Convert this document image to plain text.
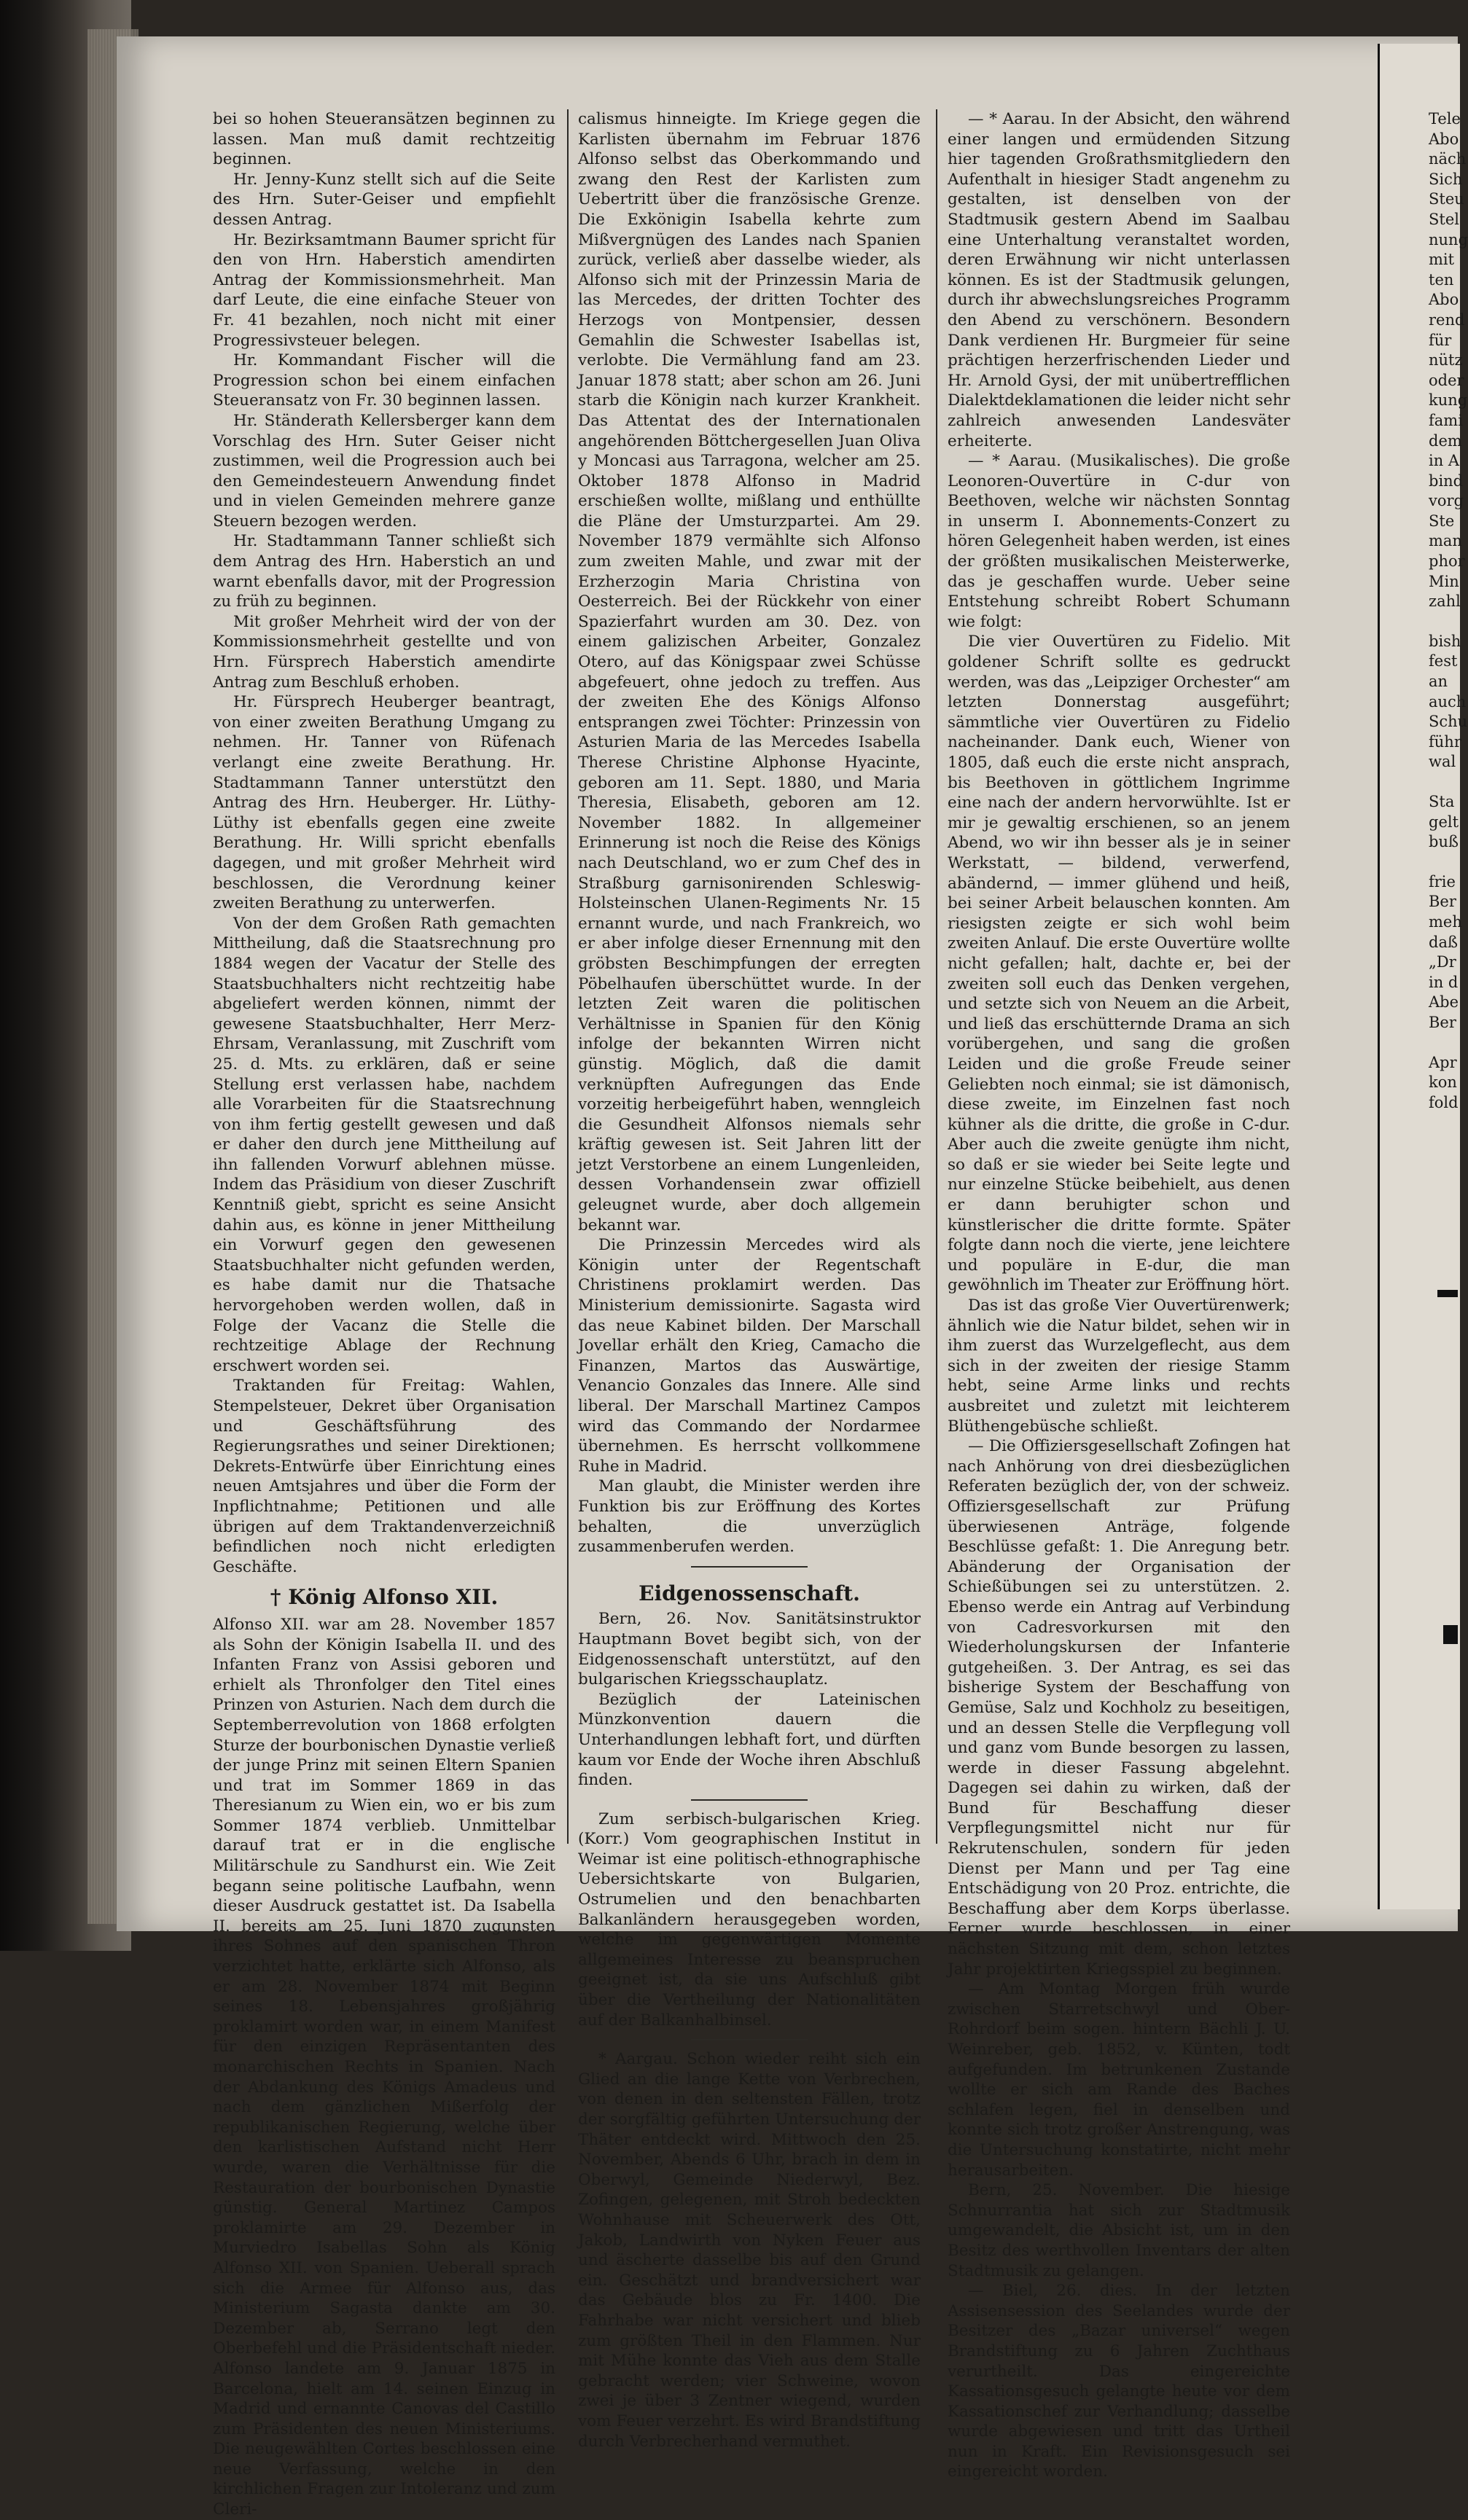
bei so hohen Steueransätzen beginnen zu lassen. Man muß damit rechtzeitig beginnen.

Hr. Jenny-Kunz stellt sich auf die Seite des Hrn. Suter-Geiser und empfiehlt dessen Antrag.

Hr. Bezirksamtmann Baumer spricht für den von Hrn. Haberstich amendirten Antrag der Kommissionsmehrheit. Man darf Leute, die eine einfache Steuer von Fr. 41 bezahlen, noch nicht mit einer Progressivsteuer belegen.

Hr. Kommandant Fischer will die Progression schon bei einem einfachen Steueransatz von Fr. 30 beginnen lassen.

Hr. Ständerath Kellersberger kann dem Vorschlag des Hrn. Suter Geiser nicht zustimmen, weil die Progression auch bei den Gemeindesteuern Anwendung findet und in vielen Gemeinden mehrere ganze Steuern bezogen werden.

Hr. Stadtammann Tanner schließt sich dem Antrag des Hrn. Haberstich an und warnt ebenfalls davor, mit der Progression zu früh zu beginnen.

Mit großer Mehrheit wird der von der Kommissionsmehrheit gestellte und von Hrn. Fürsprech Haberstich amendirte Antrag zum Beschluß erhoben.

Hr. Fürsprech Heuberger beantragt, von einer zweiten Berathung Umgang zu nehmen. Hr. Tanner von Rüfenach verlangt eine zweite Berathung. Hr. Stadtammann Tanner unterstützt den Antrag des Hrn. Heuberger. Hr. Lüthy-Lüthy ist ebenfalls gegen eine zweite Berathung. Hr. Willi spricht ebenfalls dagegen, und mit großer Mehrheit wird beschlossen, die Verordnung keiner zweiten Berathung zu unterwerfen.

Von der dem Großen Rath gemachten Mittheilung, daß die Staatsrechnung pro 1884 wegen der Vacatur der Stelle des Staatsbuchhalters nicht rechtzeitig habe abgeliefert werden können, nimmt der gewesene Staatsbuchhalter, Herr Merz-Ehrsam, Veranlassung, mit Zuschrift vom 25. d. Mts. zu erklären, daß er seine Stellung erst verlassen habe, nachdem alle Vorarbeiten für die Staatsrechnung von ihm fertig gestellt gewesen und daß er daher den durch jene Mittheilung auf ihn fallenden Vorwurf ablehnen müsse. Indem das Präsidium von dieser Zuschrift Kenntniß giebt, spricht es seine Ansicht dahin aus, es könne in jener Mittheilung ein Vorwurf gegen den gewesenen Staatsbuchhalter nicht gefunden werden, es habe damit nur die Thatsache hervorgehoben werden wollen, daß in Folge der Vacanz die Stelle die rechtzeitige Ablage der Rechnung erschwert worden sei.

Traktanden für Freitag: Wahlen, Stempelsteuer, Dekret über Organisation und Geschäftsführung des Regierungsrathes und seiner Direktionen; Dekrets-Entwürfe über Einrichtung eines neuen Amtsjahres und über die Form der Inpflichtnahme; Petitionen und alle übrigen auf dem Traktandenverzeichniß befindlichen noch nicht erledigten Geschäfte.

† König Alfonso XII.

Alfonso XII. war am 28. November 1857 als Sohn der Königin Isabella II. und des Infanten Franz von Assisi geboren und erhielt als Thronfolger den Titel eines Prinzen von Asturien. Nach dem durch die Septemberrevolution von 1868 erfolgten Sturze der bourbonischen Dynastie verließ der junge Prinz mit seinen Eltern Spanien und trat im Sommer 1869 in das Theresianum zu Wien ein, wo er bis zum Sommer 1874 verblieb. Unmittelbar darauf trat er in die englische Militärschule zu Sandhurst ein. Wie Zeit begann seine politische Laufbahn, wenn dieser Ausdruck gestattet ist. Da Isabella II. bereits am 25. Juni 1870 zugunsten ihres Sohnes auf den spanischen Thron verzichtet hatte, erklärte sich Alfonso, als er am 28. November 1874 mit Beginn seines 18. Lebensjahres großjährig proklamirt worden war, in einem Manifest für den einzigen Repräsentanten des monarchischen Rechts in Spanien. Nach der Abdankung des Königs Amadeus und nach dem gänzlichen Mißerfolg der republikanischen Regierung, welche über den karlistischen Aufstand nicht Herr wurde, waren die Verhältnisse für die Restauration der bourbonischen Dynastie günstig. General Martinez Campos proklamirte am 29. Dezember in Murviedro Isabellas Sohn als König Alfonso XII. von Spanien. Ueberall sprach sich die Armee für Alfonso aus, das Ministerium Sagasta dankte am 30. Dezember ab, Serrano legt den Oberbefehl und die Präsidentschaft nieder. Alfonso landete am 9. Januar 1875 in Barcelona, hielt am 14. seinen Einzug in Madrid und ernannte Canovas del Castillo zum Präsidenten des neuen Ministeriums. Die neugewählten Cortes beschlossen eine neue Verfassung, welche in den kirchlichen Fragen zur Intoleranz und zum Cleri-

calismus hinneigte. Im Kriege gegen die Karlisten übernahm im Februar 1876 Alfonso selbst das Oberkommando und zwang den Rest der Karlisten zum Uebertritt über die französische Grenze. Die Exkönigin Isabella kehrte zum Mißvergnügen des Landes nach Spanien zurück, verließ aber dasselbe wieder, als Alfonso sich mit der Prinzessin Maria de las Mercedes, der dritten Tochter des Herzogs von Montpensier, dessen Gemahlin die Schwester Isabellas ist, verlobte. Die Vermählung fand am 23. Januar 1878 statt; aber schon am 26. Juni starb die Königin nach kurzer Krankheit. Das Attentat des der Internationalen angehörenden Böttchergesellen Juan Oliva y Moncasi aus Tarragona, welcher am 25. Oktober 1878 Alfonso in Madrid erschießen wollte, mißlang und enthüllte die Pläne der Umsturzpartei. Am 29. November 1879 vermählte sich Alfonso zum zweiten Mahle, und zwar mit der Erzherzogin Maria Christina von Oesterreich. Bei der Rückkehr von einer Spazierfahrt wurden am 30. Dez. von einem galizischen Arbeiter, Gonzalez Otero, auf das Königspaar zwei Schüsse abgefeuert, ohne jedoch zu treffen. Aus der zweiten Ehe des Königs Alfonso entsprangen zwei Töchter: Prinzessin von Asturien Maria de las Mercedes Isabella Therese Christine Alphonse Hyacinte, geboren am 11. Sept. 1880, und Maria Theresia, Elisabeth, geboren am 12. November 1882. In allgemeiner Erinnerung ist noch die Reise des Königs nach Deutschland, wo er zum Chef des in Straßburg garnisonirenden Schleswig-Holsteinschen Ulanen-Regiments Nr. 15 ernannt wurde, und nach Frankreich, wo er aber infolge dieser Ernennung mit den gröbsten Beschimpfungen der erregten Pöbelhaufen überschüttet wurde. In der letzten Zeit waren die politischen Verhältnisse in Spanien für den König infolge der bekannten Wirren nicht günstig. Möglich, daß die damit verknüpften Aufregungen das Ende vorzeitig herbeigeführt haben, wenngleich die Gesundheit Alfonsos niemals sehr kräftig gewesen ist. Seit Jahren litt der jetzt Verstorbene an einem Lungenleiden, dessen Vorhandensein zwar offiziell geleugnet wurde, aber doch allgemein bekannt war.

Die Prinzessin Mercedes wird als Königin unter der Regentschaft Christinens proklamirt werden. Das Ministerium demissionirte. Sagasta wird das neue Kabinet bilden. Der Marschall Jovellar erhält den Krieg, Camacho die Finanzen, Martos das Auswärtige, Venancio Gonzales das Innere. Alle sind liberal. Der Marschall Martinez Campos wird das Commando der Nordarmee übernehmen. Es herrscht vollkommene Ruhe in Madrid.

Man glaubt, die Minister werden ihre Funktion bis zur Eröffnung des Kortes behalten, die unverzüglich zusammenberufen werden.

Eidgenossenschaft.

Bern, 26. Nov. Sanitätsinstruktor Hauptmann Bovet begibt sich, von der Eidgenossenschaft unterstützt, auf den bulgarischen Kriegsschauplatz.

Bezüglich der Lateinischen Münzkonvention dauern die Unterhandlungen lebhaft fort, und dürften kaum vor Ende der Woche ihren Abschluß finden.

Zum serbisch-bulgarischen Krieg. (Korr.) Vom geographischen Institut in Weimar ist eine politisch-ethnographische Uebersichtskarte von Bulgarien, Ostrumelien und den benachbarten Balkanländern herausgegeben worden, welche im gegenwärtigen Momente allgemeines Interesse zu beanspruchen geeignet ist, da sie uns Aufschluß gibt über die Vertheilung der Nationalitäten auf der Balkanhalbinsel.

* Aargau. Schon wieder reiht sich ein Glied an die lange Kette von Verbrechen, von denen in den seltensten Fällen, trotz der sorgfältig geführten Untersuchung der Thäter entdeckt wird. Mittwoch den 25. November, Abends 6 Uhr, brach in dem in Oberwyl, Gemeinde Niederwyl, Bez. Zofingen, gelegenen, mit Stroh bedeckten Wohnhause mit Scheuerwerk des Ott, Jakob, Landwirth von Nyken Feuer aus und äscherte dasselbe bis auf den Grund ein. Geschätzt und brandversichert war das Gebäude blos zu Fr. 1400. Die Fahrhabe war nicht versichert und blieb zum größten Theil in den Flammen. Nur mit Mühe konnte das Vieh aus dem Stalle gebracht werden; vier Schweine, wovon zwei je über 3 Zentner wiegend, wurden vom Feuer verzehrt. Es wird Brandstiftung durch Verbrecherhand vermuthet.

— * Aarau. In der Absicht, den während einer langen und ermüdenden Sitzung hier tagenden Großrathsmitgliedern den Aufenthalt in hiesiger Stadt angenehm zu gestalten, ist denselben von der Stadtmusik gestern Abend im Saalbau eine Unterhaltung veranstaltet worden, deren Erwähnung wir nicht unterlassen können. Es ist der Stadtmusik gelungen, durch ihr abwechslungsreiches Programm den Abend zu verschönern. Besondern Dank verdienen Hr. Burgmeier für seine prächtigen herzerfrischenden Lieder und Hr. Arnold Gysi, der mit unübertrefflichen Dialektdeklamationen die leider nicht sehr zahlreich anwesenden Landesväter erheiterte.

— * Aarau. (Musikalisches). Die große Leonoren-Ouvertüre in C-dur von Beethoven, welche wir nächsten Sonntag in unserm I. Abonnements-Conzert zu hören Gelegenheit haben werden, ist eines der größten musikalischen Meisterwerke, das je geschaffen wurde. Ueber seine Entstehung schreibt Robert Schumann wie folgt:

Die vier Ouvertüren zu Fidelio. Mit goldener Schrift sollte es gedruckt werden, was das „Leipziger Orchester“ am letzten Donnerstag ausgeführt; sämmtliche vier Ouvertüren zu Fidelio nacheinander. Dank euch, Wiener von 1805, daß euch die erste nicht ansprach, bis Beethoven in göttlichem Ingrimme eine nach der andern hervorwühlte. Ist er mir je gewaltig erschienen, so an jenem Abend, wo wir ihn besser als je in seiner Werkstatt, — bildend, verwerfend, abändernd, — immer glühend und heiß, bei seiner Arbeit belauschen konnten. Am riesigsten zeigte er sich wohl beim zweiten Anlauf. Die erste Ouvertüre wollte nicht gefallen; halt, dachte er, bei der zweiten soll euch das Denken vergehen, und setzte sich von Neuem an die Arbeit, und ließ das erschütternde Drama an sich vorübergehen, und sang die großen Leiden und die große Freude seiner Geliebten noch einmal; sie ist dämonisch, diese zweite, im Einzelnen fast noch kühner als die dritte, die große in C-dur. Aber auch die zweite genügte ihm nicht, so daß er sie wieder bei Seite legte und nur einzelne Stücke beibehielt, aus denen er dann beruhigter schon und künstlerischer die dritte formte. Später folgte dann noch die vierte, jene leichtere und populäre in E-dur, die man gewöhnlich im Theater zur Eröffnung hört.

Das ist das große Vier Ouvertürenwerk; ähnlich wie die Natur bildet, sehen wir in ihm zuerst das Wurzelgeflecht, aus dem sich in der zweiten der riesige Stamm hebt, seine Arme links und rechts ausbreitet und zuletzt mit leichterem Blüthengebüsche schließt.

— Die Offiziersgesellschaft Zofingen hat nach Anhörung von drei diesbezüglichen Referaten bezüglich der, von der schweiz. Offiziersgesellschaft zur Prüfung überwiesenen Anträge, folgende Beschlüsse gefaßt: 1. Die Anregung betr. Abänderung der Organisation der Schießübungen sei zu unterstützen. 2. Ebenso werde ein Antrag auf Verbindung von Cadresvorkursen mit den Wiederholungskursen der Infanterie gutgeheißen. 3. Der Antrag, es sei das bisherige System der Beschaffung von Gemüse, Salz und Kochholz zu beseitigen, und an dessen Stelle die Verpflegung voll und ganz vom Bunde besorgen zu lassen, werde in dieser Fassung abgelehnt. Dagegen sei dahin zu wirken, daß der Bund für Beschaffung dieser Verpflegungsmittel nicht nur für Rekrutenschulen, sondern für jeden Dienst per Mann und per Tag eine Entschädigung von 20 Proz. entrichte, die Beschaffung aber dem Korps überlasse. Ferner wurde beschlossen, in einer nächsten Sitzung mit dem, schon letztes Jahr projektirten Kriegsspiel zu beginnen.

— Am Montag Morgen früh wurde zwischen Starretschwyl und Ober-Rohrdorf beim sogen. hintern Bächli J. U. Weinreber, geb. 1852, v. Künten, todt aufgefunden. Im betrunkenen Zustande wollte er sich am Rande des Baches schlafen legen, fiel in denselben und konnte sich trotz großer Anstrengung, was die Untersuchung konstatirte, nicht mehr herausarbeiten.

Bern, 25. November. Die hiesige Schnurrantia hat sich zur Stadtmusik umgewandelt, die Absicht ist, um in den Besitz des werthvollen Inventars der alten Stadtmusik zu gelangen.

— Biel, 26. dies. In der letzten Assisensession des Seelandes wurde der Besitzer des „Bazar universel“ wegen Brandstiftung zu 6 Jahren Zuchthaus verurtheilt. Das eingereichte Kassationsgesuch gelangte heute vor dem Kassationschef zur Verhandlung; dasselbe wurde abgewiesen und tritt das Urtheil nun in Kraft. Ein Revisionsgesuch sei eingereicht worden.

Tele
Abo
näch
Sich
Steu
Stel
nung
mit
ten
Abo
rend
für
nütz
oder
kung
fami
dem
in A
bind
vorg
Ste
man
phor
Min
zahl
bish
fest
an
auch
Schu
führ
wal
Sta
gelt
buß
frie
Ber
meh
daß
„Dr
in d
Abe
Ber
Apr
kon
fold
